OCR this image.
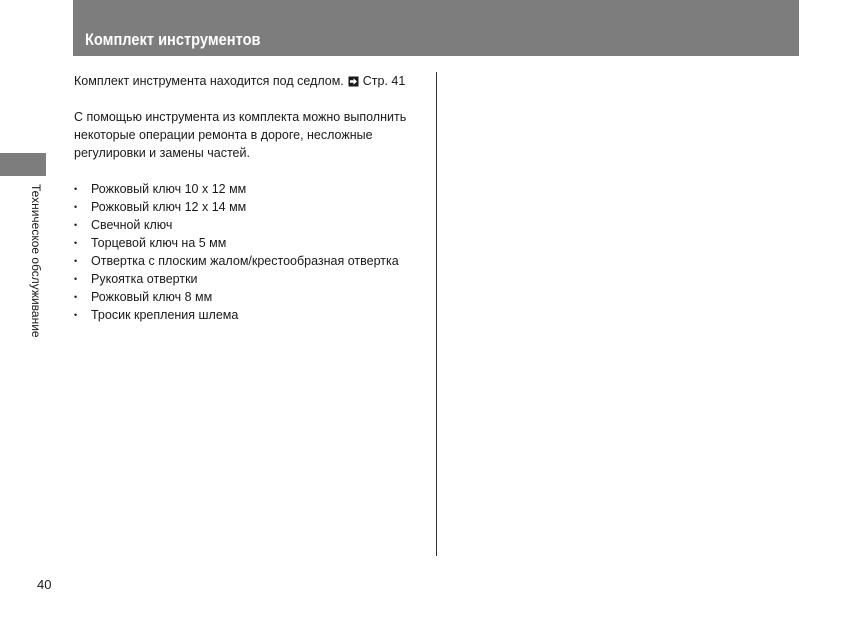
Комплект инструментов
Техническое обслуживание

Комплект инструмента находится под седлом. Стр. 41

С помощью инструмента из комплекта можно выполнить некоторые операции ремонта в дороге, несложные регулировки и замены частей.

• Рожковый ключ 10 x 12 мм
• Рожковый ключ 12 x 14 мм
• Свечной ключ
• Торцевой ключ на 5 мм
• Отвертка с плоским жалом/крестообразная отвертка
• Рукоятка отвертки
• Рожковый ключ 8 мм
• Тросик крепления шлема
40
